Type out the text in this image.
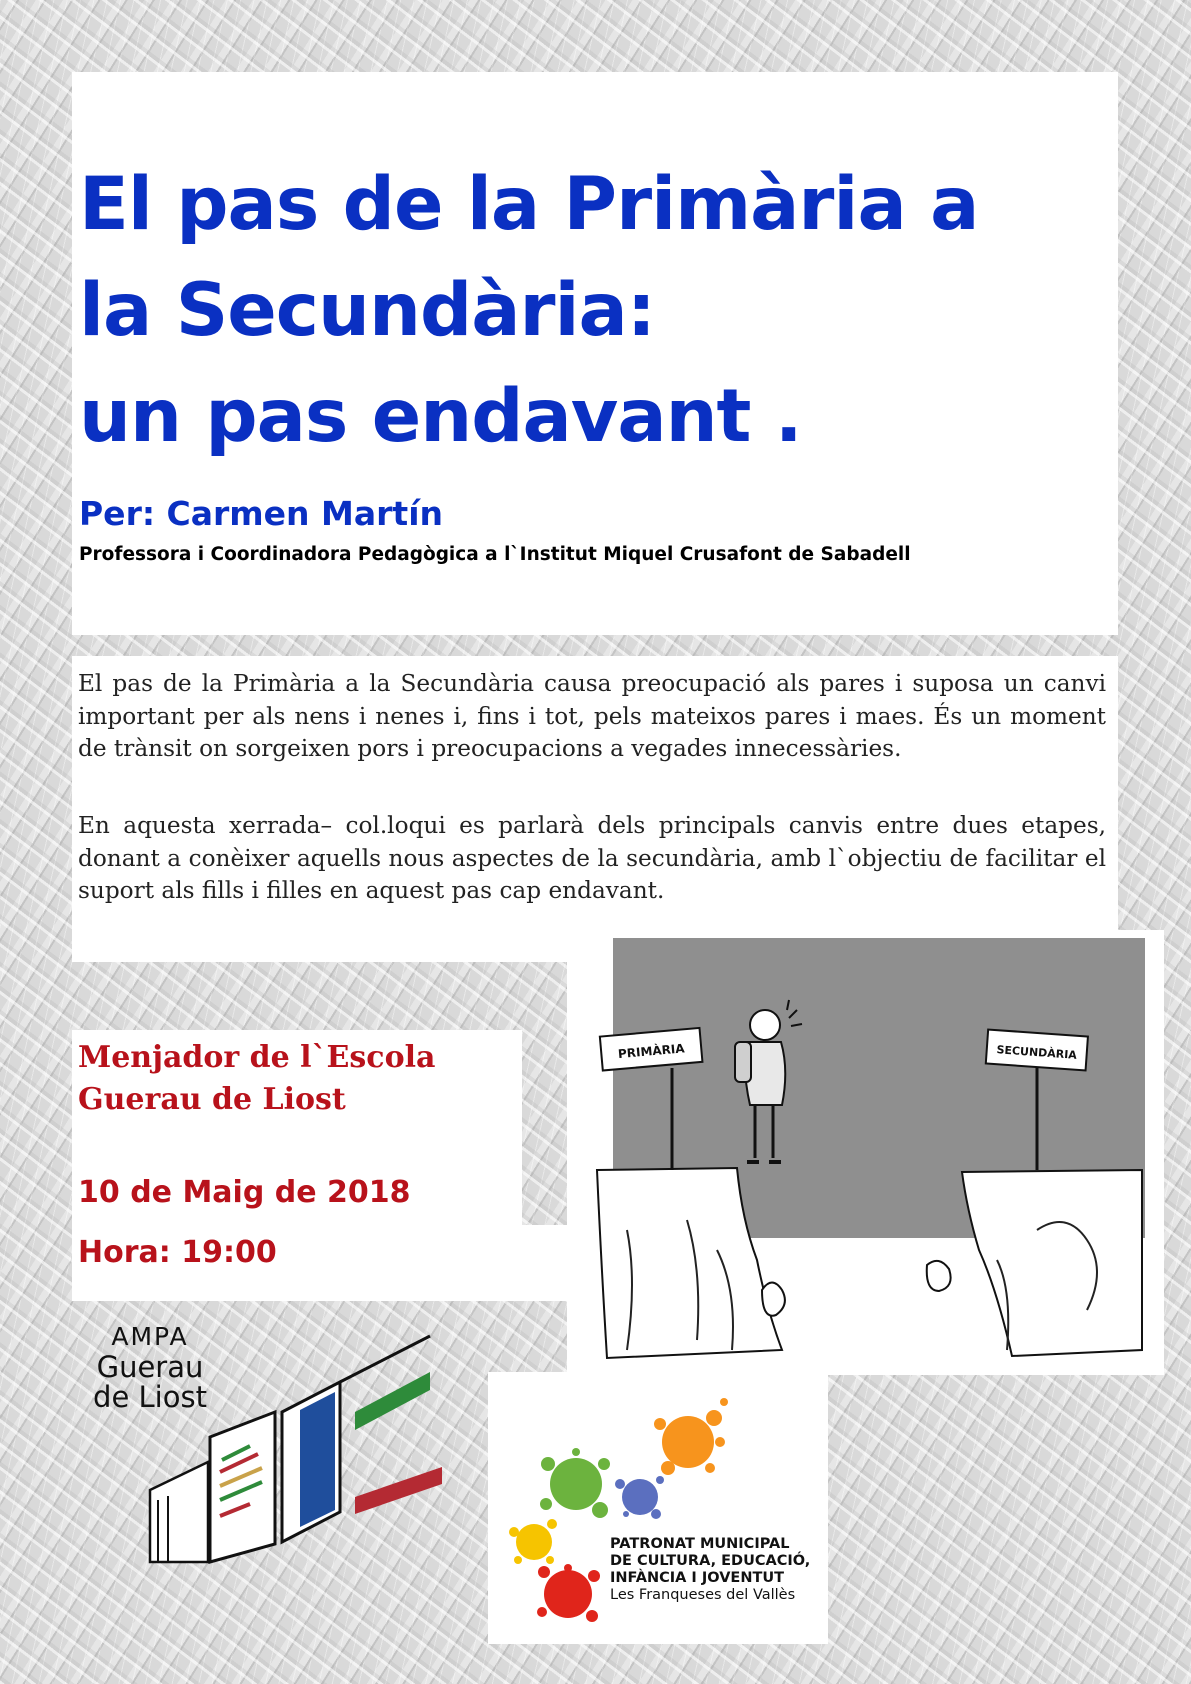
El pas de la Primària a
la Secundària:
un pas endavant .
Per: Carmen Martín
Professora i Coordinadora Pedagògica a l`Institut Miquel Crusafont de Sabadell

El pas de la Primària a la Secundària causa preocupació als pares i suposa un canvi important per als nens i nenes i, fins i tot, pels mateixos pares i maes. És un moment de trànsit on sorgeixen pors i preocupacions a vegades innecessàries.

En aquesta xerrada– col.loqui es parlarà dels principals canvis entre dues etapes, donant a conèixer aquells nous aspectes de la secundària, amb l`objectiu de facilitar el suport als fills i filles en aquest pas cap endavant.

Menjador de l`Escola
Guerau de Liost
10 de Maig de 2018
Hora: 19:00
PRIMÀRIA	SECUNDÀRIA
AMPA
Guerau
de Liost
PATRONAT MUNICIPAL
DE CULTURA, EDUCACIÓ,
INFÀNCIA I JOVENTUT
Les Franqueses del Vallès
